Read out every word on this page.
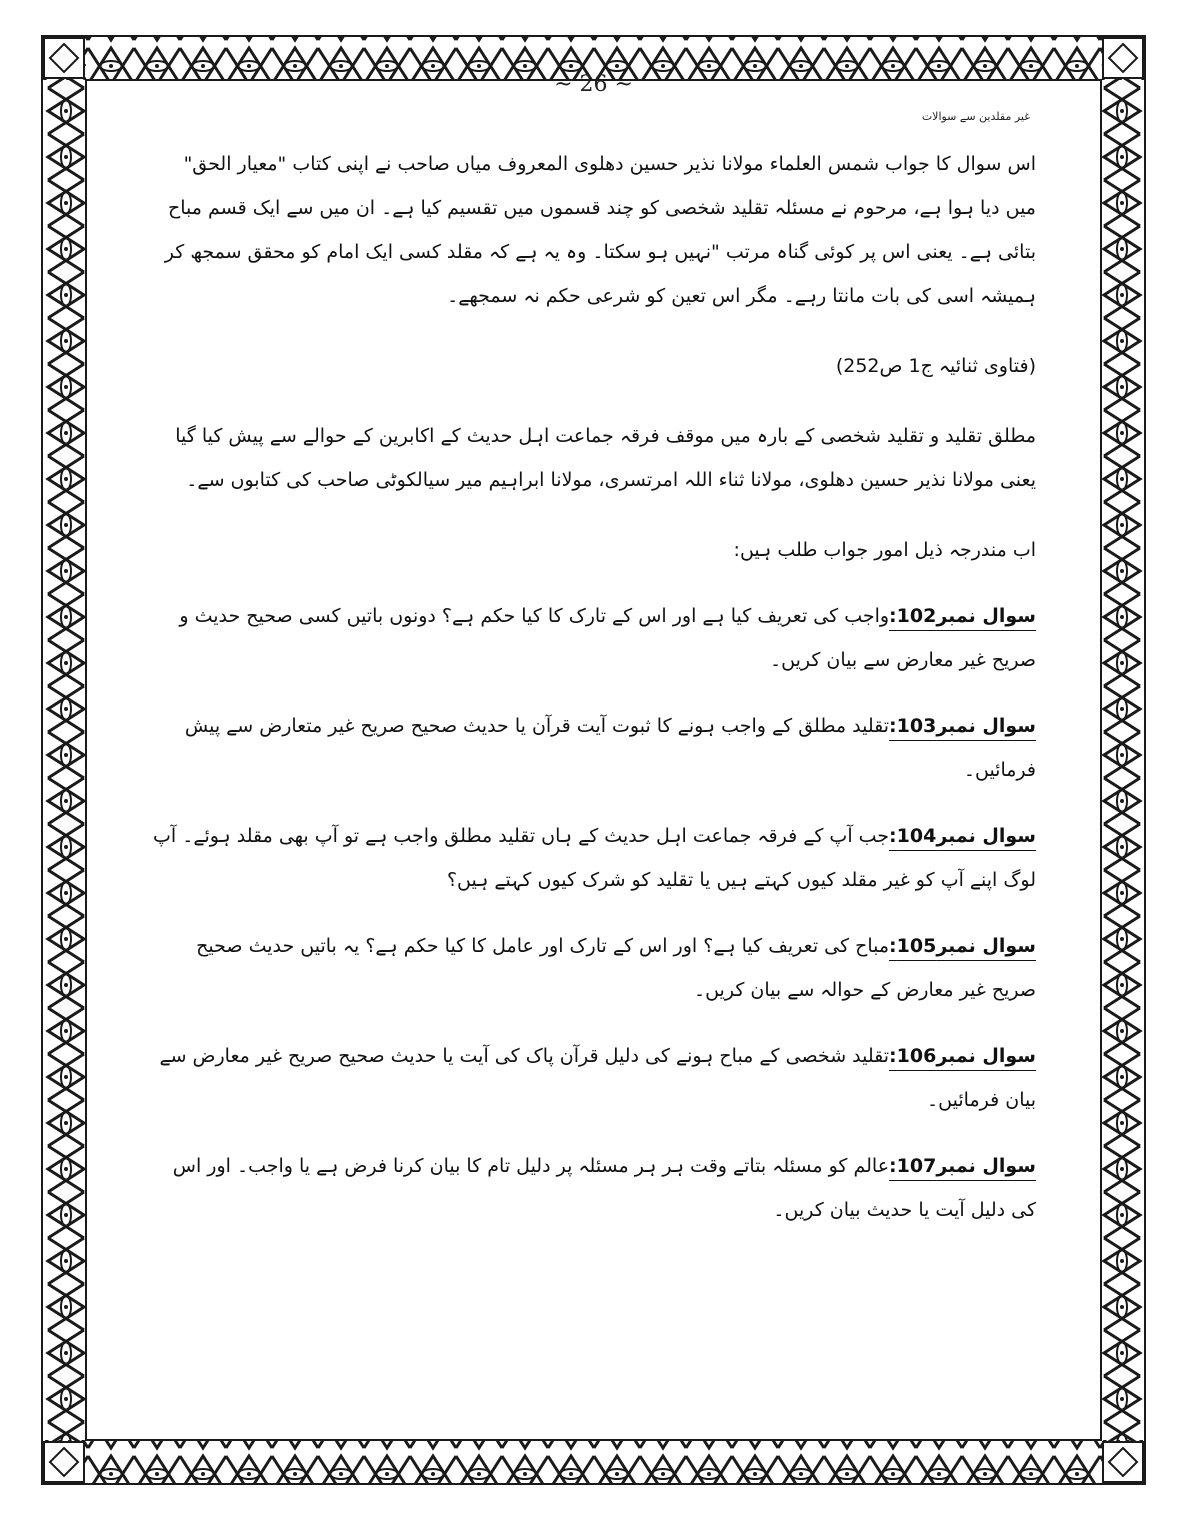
~ 26 ~
غیر مقلدین سے سوالات

اس سوال کا جواب شمس العلماء مولانا نذیر حسین دھلوی المعروف میاں صاحب نے اپنی کتاب "معیار الحق" میں دیا ہوا ہے، مرحوم نے مسئلہ تقلید شخصی کو چند قسموں میں تقسیم کیا ہے۔ ان میں سے ایک قسم مباح بتائی ہے۔ یعنی اس پر کوئی گناہ مرتب "نہیں ہو سکتا۔ وہ یہ ہے کہ مقلد کسی ایک امام کو محقق سمجھ کر ہمیشہ اسی کی بات مانتا رہے۔ مگر اس تعین کو شرعی حکم نہ سمجھے۔

(فتاوی ثنائیہ ج1 ص252)

مطلق تقلید و تقلید شخصی کے بارہ میں موقف فرقہ جماعت اہل حدیث کے اکابرین کے حوالے سے پیش کیا گیا یعنی مولانا نذیر حسین دھلوی، مولانا ثناء اللہ امرتسری، مولانا ابراہیم میر سیالکوٹی صاحب کی کتابوں سے۔

اب مندرجہ ذیل امور جواب طلب ہیں:

سوال نمبر102:واجب کی تعریف کیا ہے اور اس کے تارک کا کیا حکم ہے؟ دونوں باتیں کسی صحیح حدیث و صریح غیر معارض سے بیان کریں۔

سوال نمبر103:تقلید مطلق کے واجب ہونے کا ثبوت آیت قرآن یا حدیث صحیح صریح غیر متعارض سے پیش فرمائیں۔

سوال نمبر104:جب آپ کے فرقہ جماعت اہل حدیث کے ہاں تقلید مطلق واجب ہے تو آپ بھی مقلد ہوئے۔ آپ لوگ اپنے آپ کو غیر مقلد کیوں کہتے ہیں یا تقلید کو شرک کیوں کہتے ہیں؟

سوال نمبر105:مباح کی تعریف کیا ہے؟ اور اس کے تارک اور عامل کا کیا حکم ہے؟ یہ باتیں حدیث صحیح صریح غیر معارض کے حوالہ سے بیان کریں۔

سوال نمبر106:تقلید شخصی کے مباح ہونے کی دلیل قرآن پاک کی آیت یا حدیث صحیح صریح غیر معارض سے بیان فرمائیں۔

سوال نمبر107:عالم کو مسئلہ بتاتے وقت ہر ہر مسئلہ پر دلیل تام کا بیان کرنا فرض ہے یا واجب۔ اور اس کی دلیل آیت یا حدیث بیان کریں۔
